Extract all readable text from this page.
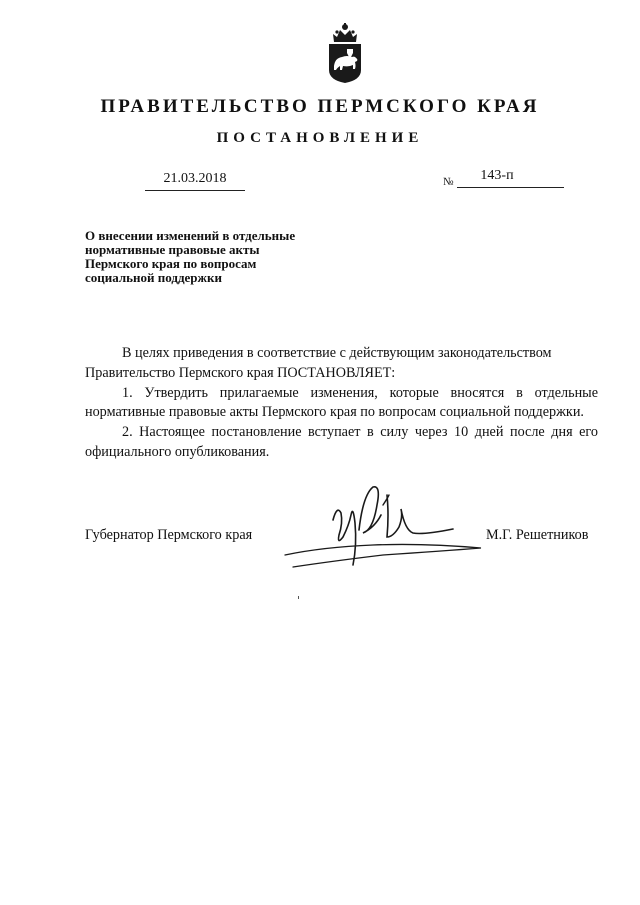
ПРАВИТЕЛЬСТВО ПЕРМСКОГО КРАЯ
ПОСТАНОВЛЕНИЕ
21.03.2018	№	143-п
О внесении изменений в отдельные
нормативные правовые акты
Пермского края по вопросам
социальной поддержки

В целях приведения в соответствие с действующим законодательством

Правительство Пермского края ПОСТАНОВЛЯЕТ:

1. Утвердить прилагаемые изменения, которые вносятся в отдельные нормативные правовые акты Пермского края по вопросам социальной поддержки.

2. Настоящее постановление вступает в силу через 10 дней после дня его официального опубликования.

Губернатор Пермского края	М.Г. Решетников
